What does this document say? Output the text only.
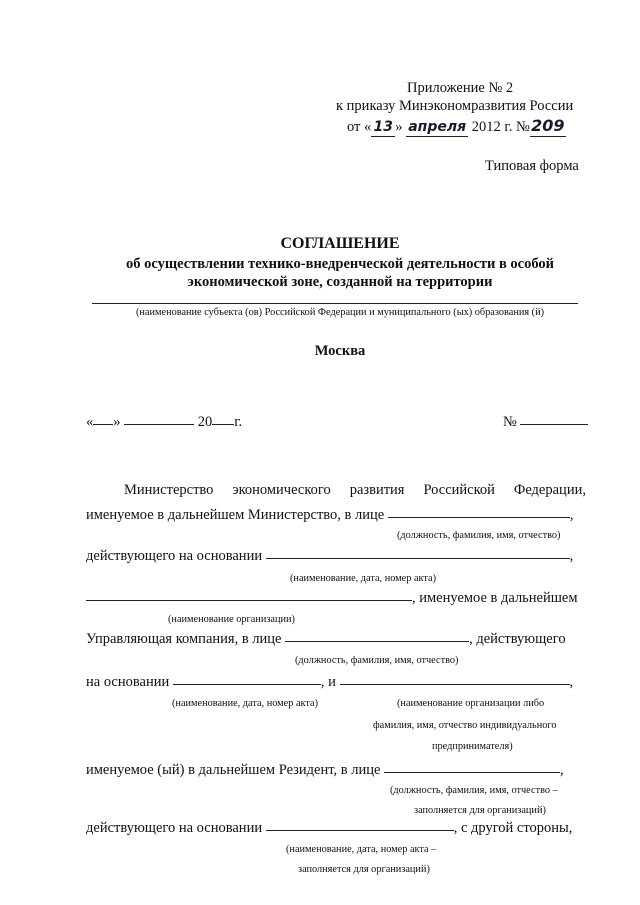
Приложение № 2
к приказу Минэкономразвития России
от « 13 » апреля 2012 г. №209
Типовая форма
СОГЛАШЕНИЕ
об осуществлении технико-внедренческой деятельности в особой
экономической зоне, созданной на территории
(наименование субъекта (ов) Российской Федерации и муниципального (ых) образования (й)
Москва
« »	20 г.	№
Министерство экономического развития Российской Федерации,
именуемое в дальнейшем Министерство, в лице	,
(должность, фамилия, имя, отчество)
действующего на основании	,
(наименование, дата, номер акта)
, именуемое в дальнейшем
(наименование организации)
Управляющая компания, в лице	, действующего
(должность, фамилия, имя, отчество)
на основании	, и	,
(наименование, дата, номер акта)	(наименование организации либо
фамилия, имя, отчество индивидуального
предпринимателя)
именуемое (ый) в дальнейшем Резидент, в лице	,
(должность, фамилия, имя, отчество –
заполняется для организаций)
действующего на основании	, с другой стороны,
(наименование, дата, номер акта –
заполняется для организаций)
